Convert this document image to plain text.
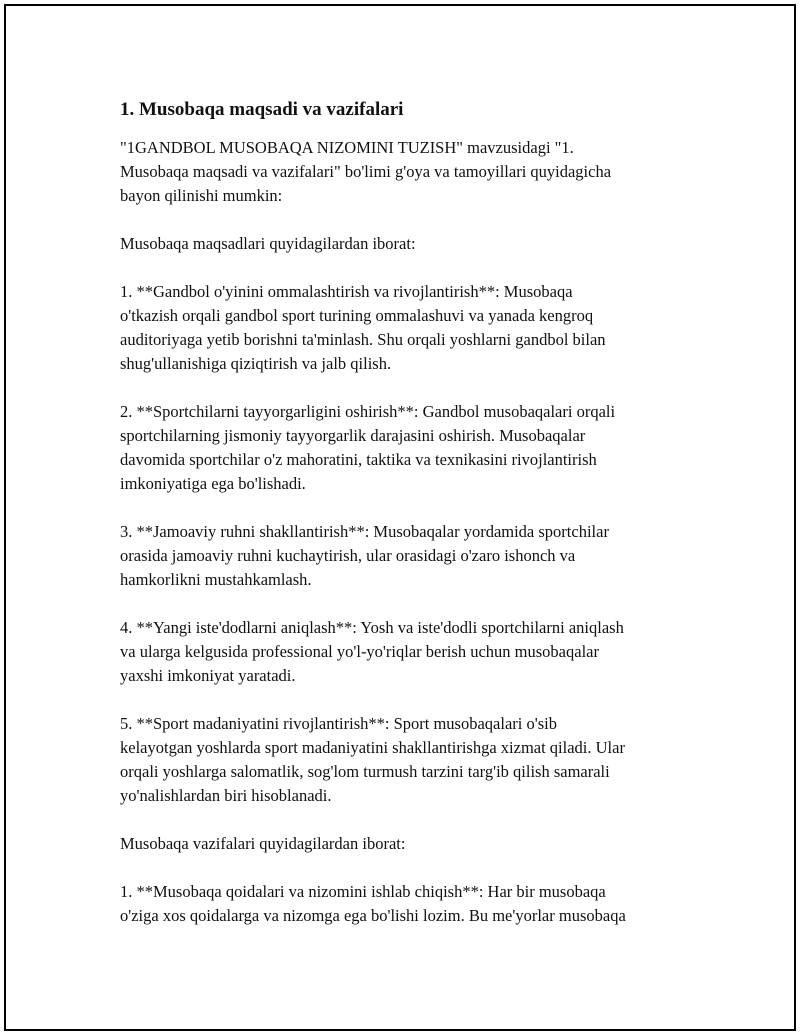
1. Musobaqa maqsadi va vazifalari

"1GANDBOL MUSOBAQA NIZOMINI TUZISH" mavzusidagi "1.
Musobaqa maqsadi va vazifalari" bo'limi g'oya va tamoyillari quyidagicha
bayon qilinishi mumkin:

Musobaqa maqsadlari quyidagilardan iborat:

1. **Gandbol o'yinini ommalashtirish va rivojlantirish**: Musobaqa
o'tkazish orqali gandbol sport turining ommalashuvi va yanada kengroq
auditoriyaga yetib borishni ta'minlash. Shu orqali yoshlarni gandbol bilan
shug'ullanishiga qiziqtirish va jalb qilish.

2. **Sportchilarni tayyorgarligini oshirish**: Gandbol musobaqalari orqali
sportchilarning jismoniy tayyorgarlik darajasini oshirish. Musobaqalar
davomida sportchilar o'z mahoratini, taktika va texnikasini rivojlantirish
imkoniyatiga ega bo'lishadi.

3. **Jamoaviy ruhni shakllantirish**: Musobaqalar yordamida sportchilar
orasida jamoaviy ruhni kuchaytirish, ular orasidagi o'zaro ishonch va
hamkorlikni mustahkamlash.

4. **Yangi iste'dodlarni aniqlash**: Yosh va iste'dodli sportchilarni aniqlash
va ularga kelgusida professional yo'l-yo'riqlar berish uchun musobaqalar
yaxshi imkoniyat yaratadi.

5. **Sport madaniyatini rivojlantirish**: Sport musobaqalari o'sib
kelayotgan yoshlarda sport madaniyatini shakllantirishga xizmat qiladi. Ular
orqali yoshlarga salomatlik, sog'lom turmush tarzini targ'ib qilish samarali
yo'nalishlardan biri hisoblanadi.

Musobaqa vazifalari quyidagilardan iborat:

1. **Musobaqa qoidalari va nizomini ishlab chiqish**: Har bir musobaqa
o'ziga xos qoidalarga va nizomga ega bo'lishi lozim. Bu me'yorlar musobaqa
